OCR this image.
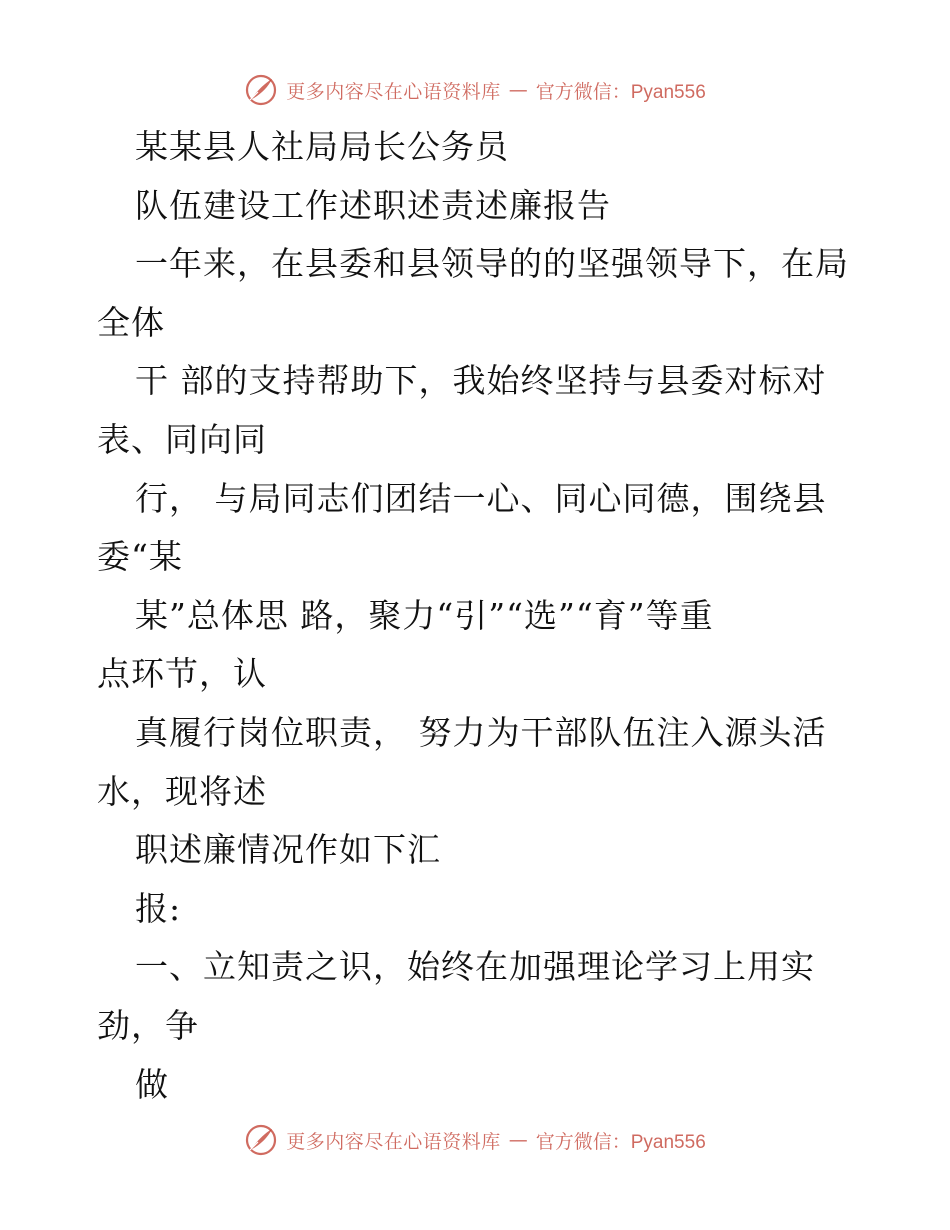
更多内容尽在心语资料库 — 官方微信：Pyan556
某某县人社局局长公务员
队伍建设工作述职述责述廉报告
一年来，在县委和县领导的的坚强领导下，在局
全体
干 部的支持帮助下，我始终坚持与县委对标对
表、同向同
行， 与局同志们团结一心、同心同德，围绕县
委“某
某”总体思 路，聚力“引”“选”“育”等重
点环节，认
真履行岗位职责， 努力为干部队伍注入源头活
水，现将述
职述廉情况作如下汇
报:
一、立知责之识，始终在加强理论学习上用实
劲，争
做
更多内容尽在心语资料库 — 官方微信：Pyan556
